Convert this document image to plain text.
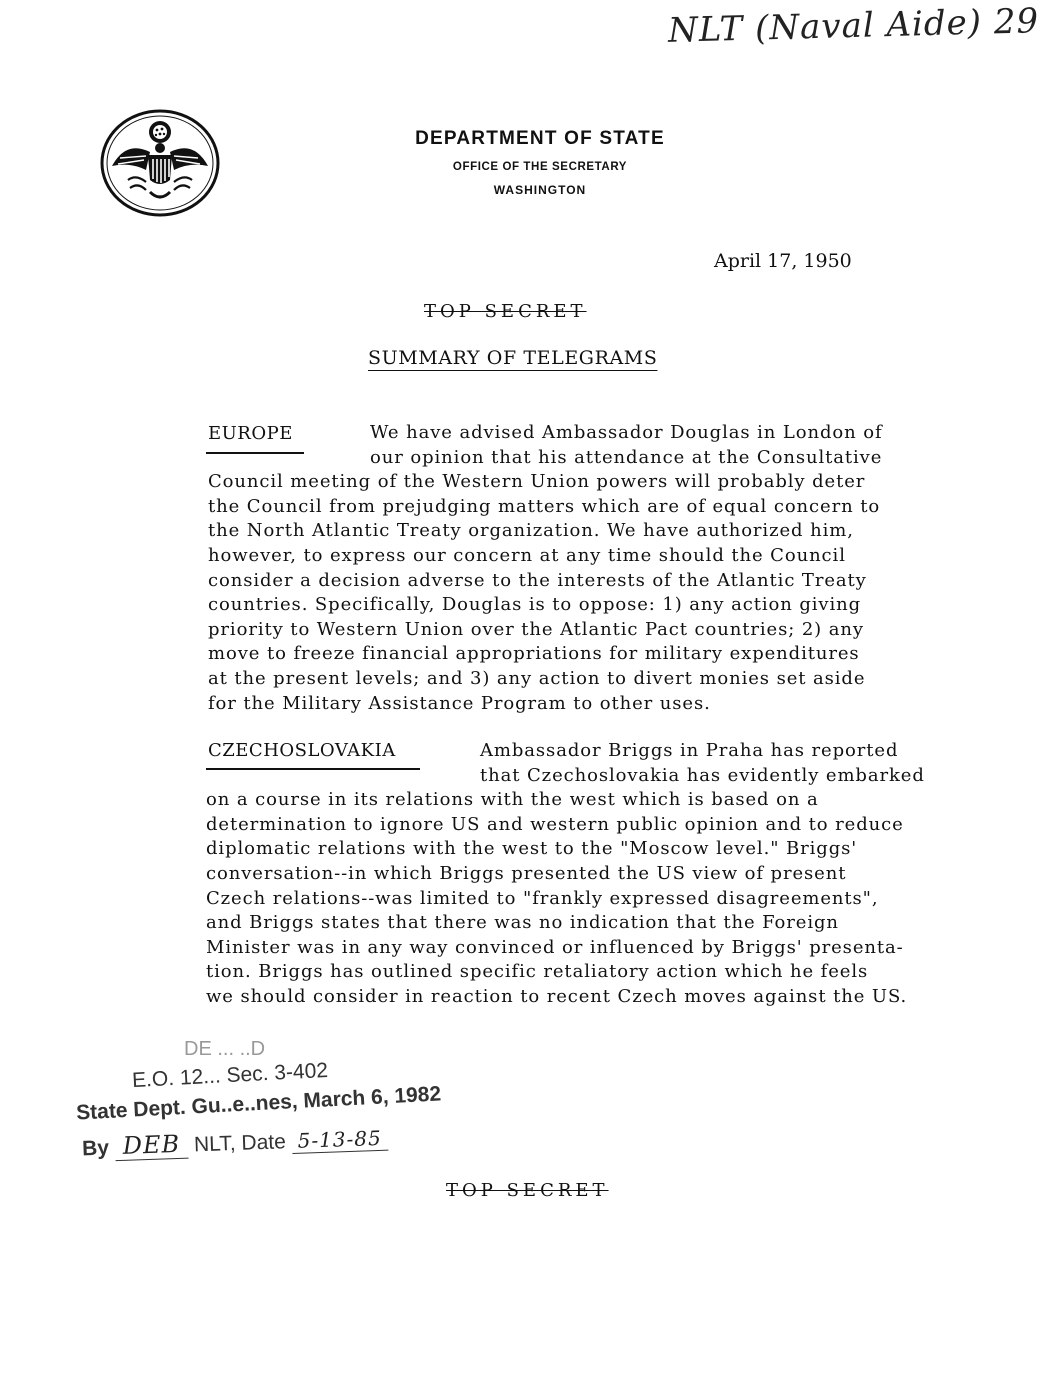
NLT (Naval Aide) 29
DEPARTMENT OF STATE
OFFICE OF THE SECRETARY
WASHINGTON
April 17, 1950
TOP SECRET
SUMMARY OF TELEGRAMS
EUROPE	We have advised Ambassador Douglas in London of
our opinion that his attendance at the Consultative
Council meeting of the Western Union powers will probably deter
the Council from prejudging matters which are of equal concern to
the North Atlantic Treaty organization. We have authorized him,
however, to express our concern at any time should the Council
consider a decision adverse to the interests of the Atlantic Treaty
countries. Specifically, Douglas is to oppose: 1) any action giving
priority to Western Union over the Atlantic Pact countries; 2) any
move to freeze financial appropriations for military expenditures
at the present levels; and 3) any action to divert monies set aside
for the Military Assistance Program to other uses.
CZECHOSLOVAKIA	Ambassador Briggs in Praha has reported
that Czechoslovakia has evidently embarked
on a course in its relations with the west which is based on a
determination to ignore US and western public opinion and to reduce
diplomatic relations with the west to the "Moscow level." Briggs'
conversation--in which Briggs presented the US view of present
Czech relations--was limited to "frankly expressed disagreements",
and Briggs states that there was no indication that the Foreign
Minister was in any way convinced or influenced by Briggs' presenta-
tion. Briggs has outlined specific retaliatory action which he feels
we should consider in reaction to recent Czech moves against the US.
DE ... ..D
E.O. 12... Sec. 3-402
State Dept. Gu..e..nes, March 6, 1982
By DEB NLT, Date 5-13-85
TOP SECRET
